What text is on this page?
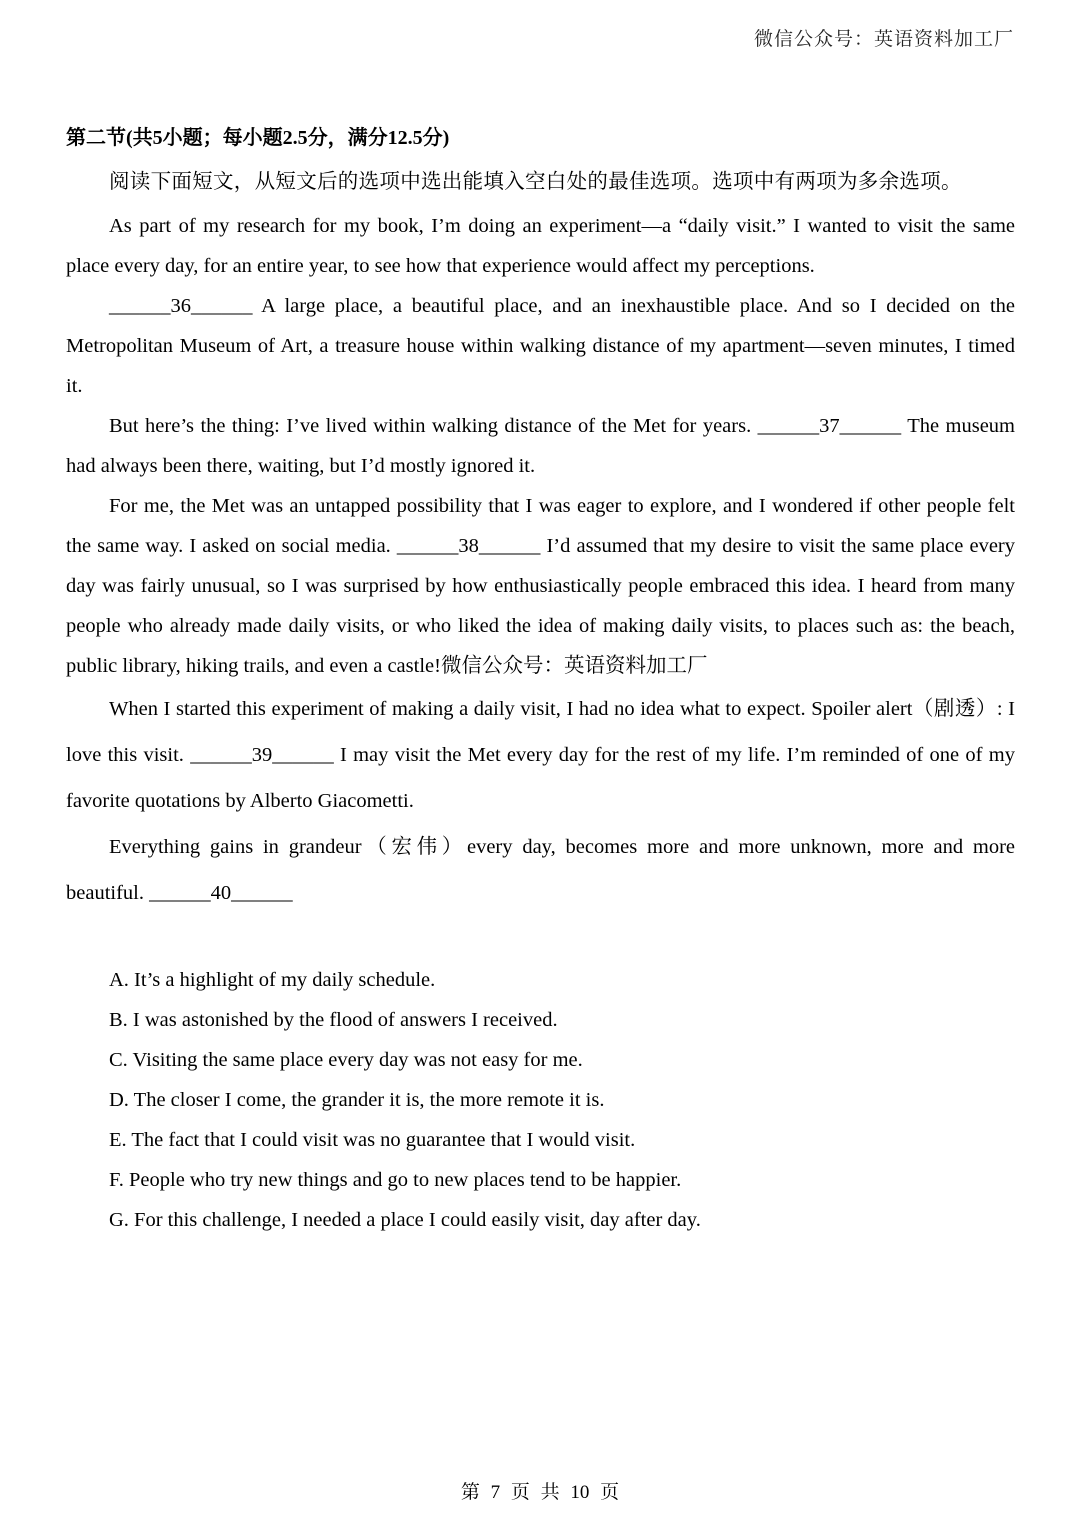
微信公众号：英语资料加工厂
第二节(共5小题；每小题2.5分，满分12.5分)

阅读下面短文，从短文后的选项中选出能填入空白处的最佳选项。选项中有两项为多余选项。

As part of my research for my book, I’m doing an experiment—a “daily visit.” I wanted to visit the same place every day, for an entire year, to see how that experience would affect my perceptions.

______36______ A large place, a beautiful place, and an inexhaustible place. And so I decided on the Metropolitan Museum of Art, a treasure house within walking distance of my apartment—seven minutes, I timed it.

But here’s the thing: I’ve lived within walking distance of the Met for years. ______37______ The museum had always been there, waiting, but I’d mostly ignored it.

For me, the Met was an untapped possibility that I was eager to explore, and I wondered if other people felt the same way. I asked on social media. ______38______ I’d assumed that my desire to visit the same place every day was fairly unusual, so I was surprised by how enthusiastically people embraced this idea. I heard from many people who already made daily visits, or who liked the idea of making daily visits, to places such as: the beach, public library, hiking trails, and even a castle!微信公众号：英语资料加工厂

When I started this experiment of making a daily visit, I had no idea what to expect. Spoiler alert（剧透）: I love this visit. ______39______ I may visit the Met every day for the rest of my life. I’m reminded of one of my favorite quotations by Alberto Giacometti.

Everything gains in grandeur（宏伟）every day, becomes more and more unknown, more and more beautiful. ______40______

A. It’s a highlight of my daily schedule.
B. I was astonished by the flood of answers I received.
C. Visiting the same place every day was not easy for me.
D. The closer I come, the grander it is, the more remote it is.
E. The fact that I could visit was no guarantee that I would visit.
F. People who try new things and go to new places tend to be happier.
G. For this challenge, I needed a place I could easily visit, day after day.
第 7 页 共 10 页
